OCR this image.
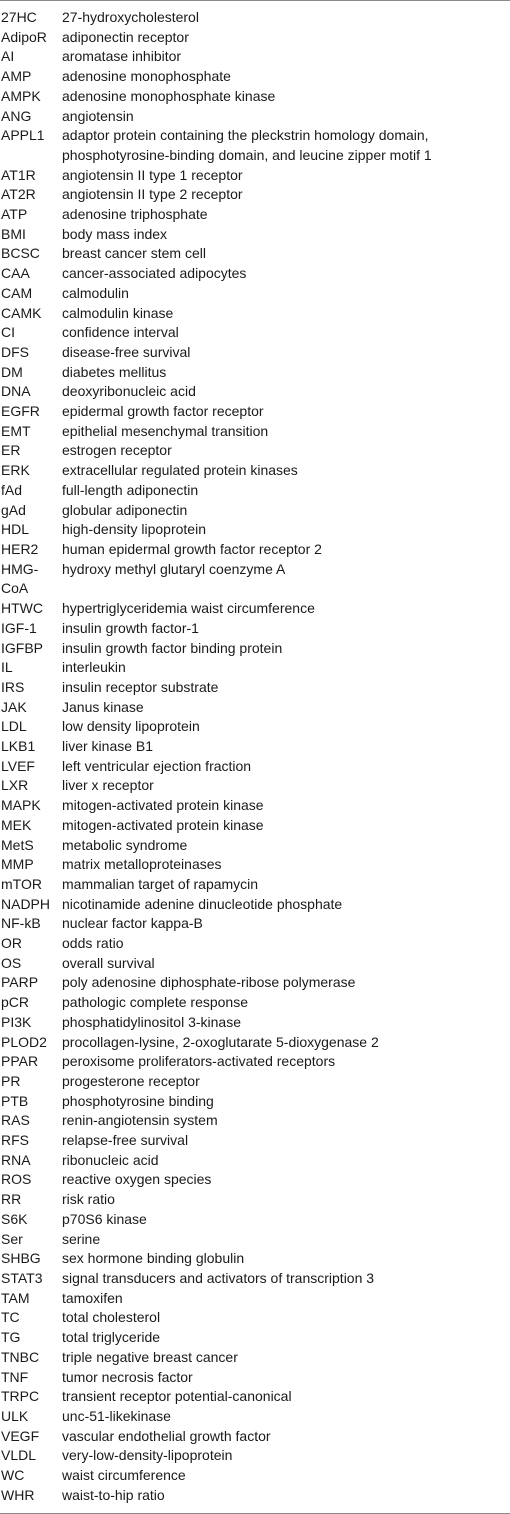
27HC	27-hydroxycholesterol
AdipoR	adiponectin receptor
AI	aromatase inhibitor
AMP	adenosine monophosphate
AMPK	adenosine monophosphate kinase
ANG	angiotensin
APPL1	adaptor protein containing the pleckstrin homology domain,
phosphotyrosine-binding domain, and leucine zipper motif 1
AT1R	angiotensin II type 1 receptor
AT2R	angiotensin II type 2 receptor
ATP	adenosine triphosphate
BMI	body mass index
BCSC	breast cancer stem cell
CAA	cancer-associated adipocytes
CAM	calmodulin
CAMK	calmodulin kinase
CI	confidence interval
DFS	disease-free survival
DM	diabetes mellitus
DNA	deoxyribonucleic acid
EGFR	epidermal growth factor receptor
EMT	epithelial mesenchymal transition
ER	estrogen receptor
ERK	extracellular regulated protein kinases
fAd	full-length adiponectin
gAd	globular adiponectin
HDL	high-density lipoprotein
HER2	human epidermal growth factor receptor 2
HMG-
CoA	hydroxy methyl glutaryl coenzyme A
HTWC	hypertriglyceridemia waist circumference
IGF-1	insulin growth factor-1
IGFBP	insulin growth factor binding protein
IL	interleukin
IRS	insulin receptor substrate
JAK	Janus kinase
LDL	low density lipoprotein
LKB1	liver kinase B1
LVEF	left ventricular ejection fraction
LXR	liver x receptor
MAPK	mitogen-activated protein kinase
MEK	mitogen-activated protein kinase
MetS	metabolic syndrome
MMP	matrix metalloproteinases
mTOR	mammalian target of rapamycin
NADPH	nicotinamide adenine dinucleotide phosphate
NF-kB	nuclear factor kappa-B
OR	odds ratio
OS	overall survival
PARP	poly adenosine diphosphate-ribose polymerase
pCR	pathologic complete response
PI3K	phosphatidylinositol 3-kinase
PLOD2	procollagen-lysine, 2-oxoglutarate 5-dioxygenase 2
PPAR	peroxisome proliferators-activated receptors
PR	progesterone receptor
PTB	phosphotyrosine binding
RAS	renin-angiotensin system
RFS	relapse-free survival
RNA	ribonucleic acid
ROS	reactive oxygen species
RR	risk ratio
S6K	p70S6 kinase
Ser	serine
SHBG	sex hormone binding globulin
STAT3	signal transducers and activators of transcription 3
TAM	tamoxifen
TC	total cholesterol
TG	total triglyceride
TNBC	triple negative breast cancer
TNF	tumor necrosis factor
TRPC	transient receptor potential-canonical
ULK	unc-51-likekinase
VEGF	vascular endothelial growth factor
VLDL	very-low-density-lipoprotein
WC	waist circumference
WHR	waist-to-hip ratio
